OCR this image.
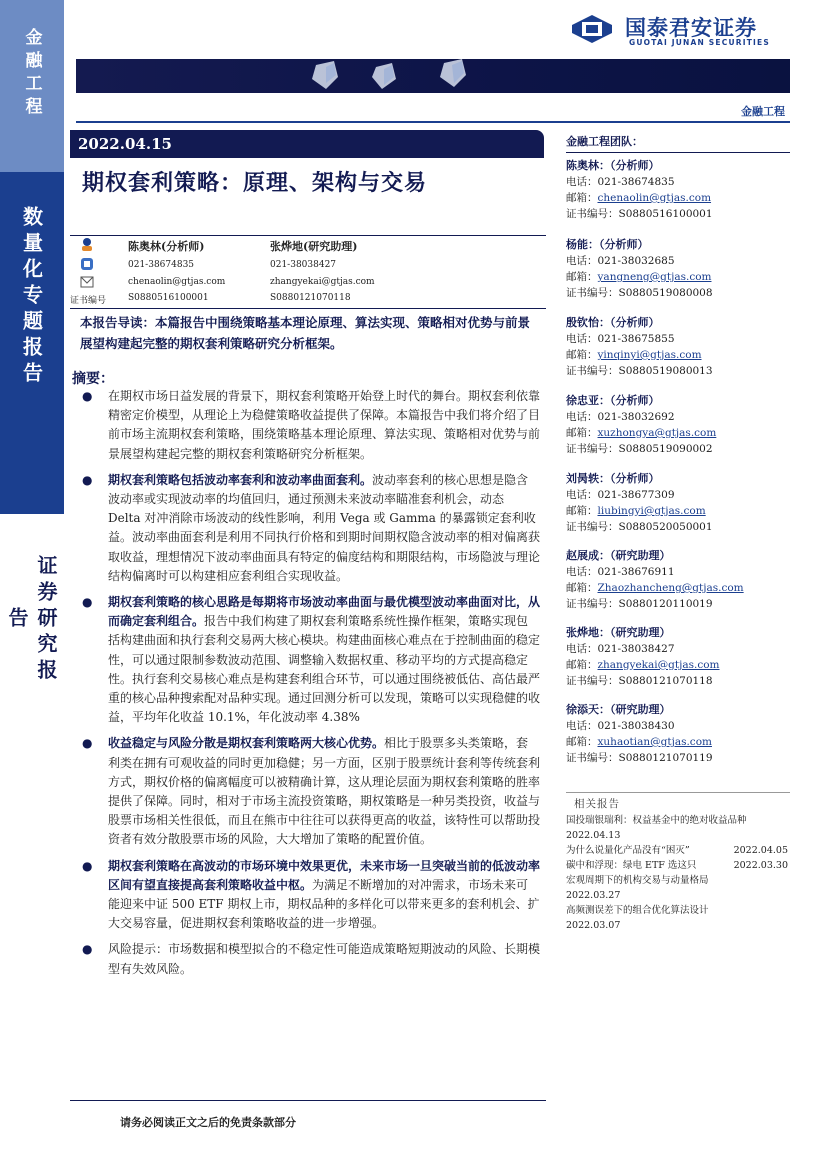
金融工程
数量化专题报告
证券研究报告
国泰君安证券
GUOTAI JUNAN SECURITIES
金融工程
2022.04.15
期权套利策略：原理、架构与交易
证书编号
陈奥林(分析师)
021-38674835
chenaolin@gtjas.com
S0880516100001
张烨地(研究助理)
021-38038427
zhangyekai@gtjas.com
S0880121070118
本报告导读：本篇报告中围绕策略基本理论原理、算法实现、策略相对优势与前景展望构建起完整的期权套利策略研究分析框架。
摘要：
● 在期权市场日益发展的背景下，期权套利策略开始登上时代的舞台。期权套利依靠精密定价模型，从理论上为稳健策略收益提供了保障。本篇报告中我们将介绍了目前市场主流期权套利策略，围绕策略基本理论原理、算法实现、策略相对优势与前景展望构建起完整的期权套利策略研究分析框架。
● 期权套利策略包括波动率套利和波动率曲面套利。波动率套利的核心思想是隐含波动率或实现波动率的均值回归，通过预测未来波动率瞄准套利机会，动态 Delta 对冲消除市场波动的线性影响，利用 Vega 或 Gamma 的暴露锁定套利收益。波动率曲面套利是利用不同执行价格和到期时间期权隐含波动率的相对偏离获取收益，理想情况下波动率曲面具有特定的偏度结构和期限结构，市场隐波与理论结构偏离时可以构建相应套利组合实现收益。
● 期权套利策略的核心思路是每期将市场波动率曲面与最优模型波动率曲面对比，从而确定套利组合。报告中我们构建了期权套利策略系统性操作框架，策略实现包括构建曲面和执行套利交易两大核心模块。构建曲面核心难点在于控制曲面的稳定性，可以通过限制参数波动范围、调整输入数据权重、移动平均的方式提高稳定性。执行套利交易核心难点是构建套利组合环节，可以通过围绕被低估、高估最严重的核心品种搜索配对品种实现。通过回测分析可以发现，策略可以实现稳健的收益，平均年化收益 10.1%，年化波动率 4.38%
● 收益稳定与风险分散是期权套利策略两大核心优势。相比于股票多头类策略，套利类在拥有可观收益的同时更加稳健；另一方面，区别于股票统计套利等传统套利方式，期权价格的偏离幅度可以被精确计算，这从理论层面为期权套利策略的胜率提供了保障。同时，相对于市场主流投资策略，期权策略是一种另类投资，收益与股票市场相关性很低，而且在熊市中往往可以获得更高的收益，该特性可以帮助投资者有效分散股票市场的风险，大大增加了策略的配置价值。
● 期权套利策略在高波动的市场环境中效果更优，未来市场一旦突破当前的低波动率区间有望直接提高套利策略收益中枢。为满足不断增加的对冲需求，市场未来可能迎来中证 500 ETF 期权上市，期权品种的多样化可以带来更多的套利机会、扩大交易容量，促进期权套利策略收益的进一步增强。
● 风险提示：市场数据和模型拟合的不稳定性可能造成策略短期波动的风险、长期模型有失效风险。
请务必阅读正文之后的免责条款部分
金融工程团队：
陈奥林：（分析师）
电话：021-38674835
邮箱：chenaolin@gtjas.com
证书编号：S0880516100001
杨能：（分析师）
电话：021-38032685
邮箱：yangneng@gtjas.com
证书编号：S0880519080008
殷钦怡：（分析师）
电话：021-38675855
邮箱：yinqinyi@gtjas.com
证书编号：S0880519080013
徐忠亚：（分析师）
电话：021-38032692
邮箱：xuzhongya@gtjas.com
证书编号：S0880519090002
刘昺轶：（分析师）
电话：021-38677309
邮箱：liubingyi@gtjas.com
证书编号：S0880520050001
赵展成：（研究助理）
电话：021-38676911
邮箱：Zhaozhancheng@gtjas.com
证书编号：S0880120110019
张烨地：（研究助理）
电话：021-38038427
邮箱：zhangyekai@gtjas.com
证书编号：S0880121070118
徐添天：（研究助理）
电话：021-38038430
邮箱：xuhaotian@gtjas.com
证书编号：S0880121070119
相关报告
国投瑞银瑞利：权益基金中的绝对收益品种
2022.04.13
为什么说量化产品没有“困灭”	2022.04.05
碳中和浮现：绿电 ETF 选这只	2022.03.30
宏观周期下的机构交易与动量格局
2022.03.27
高频测误差下的组合优化算法设计
2022.03.07
